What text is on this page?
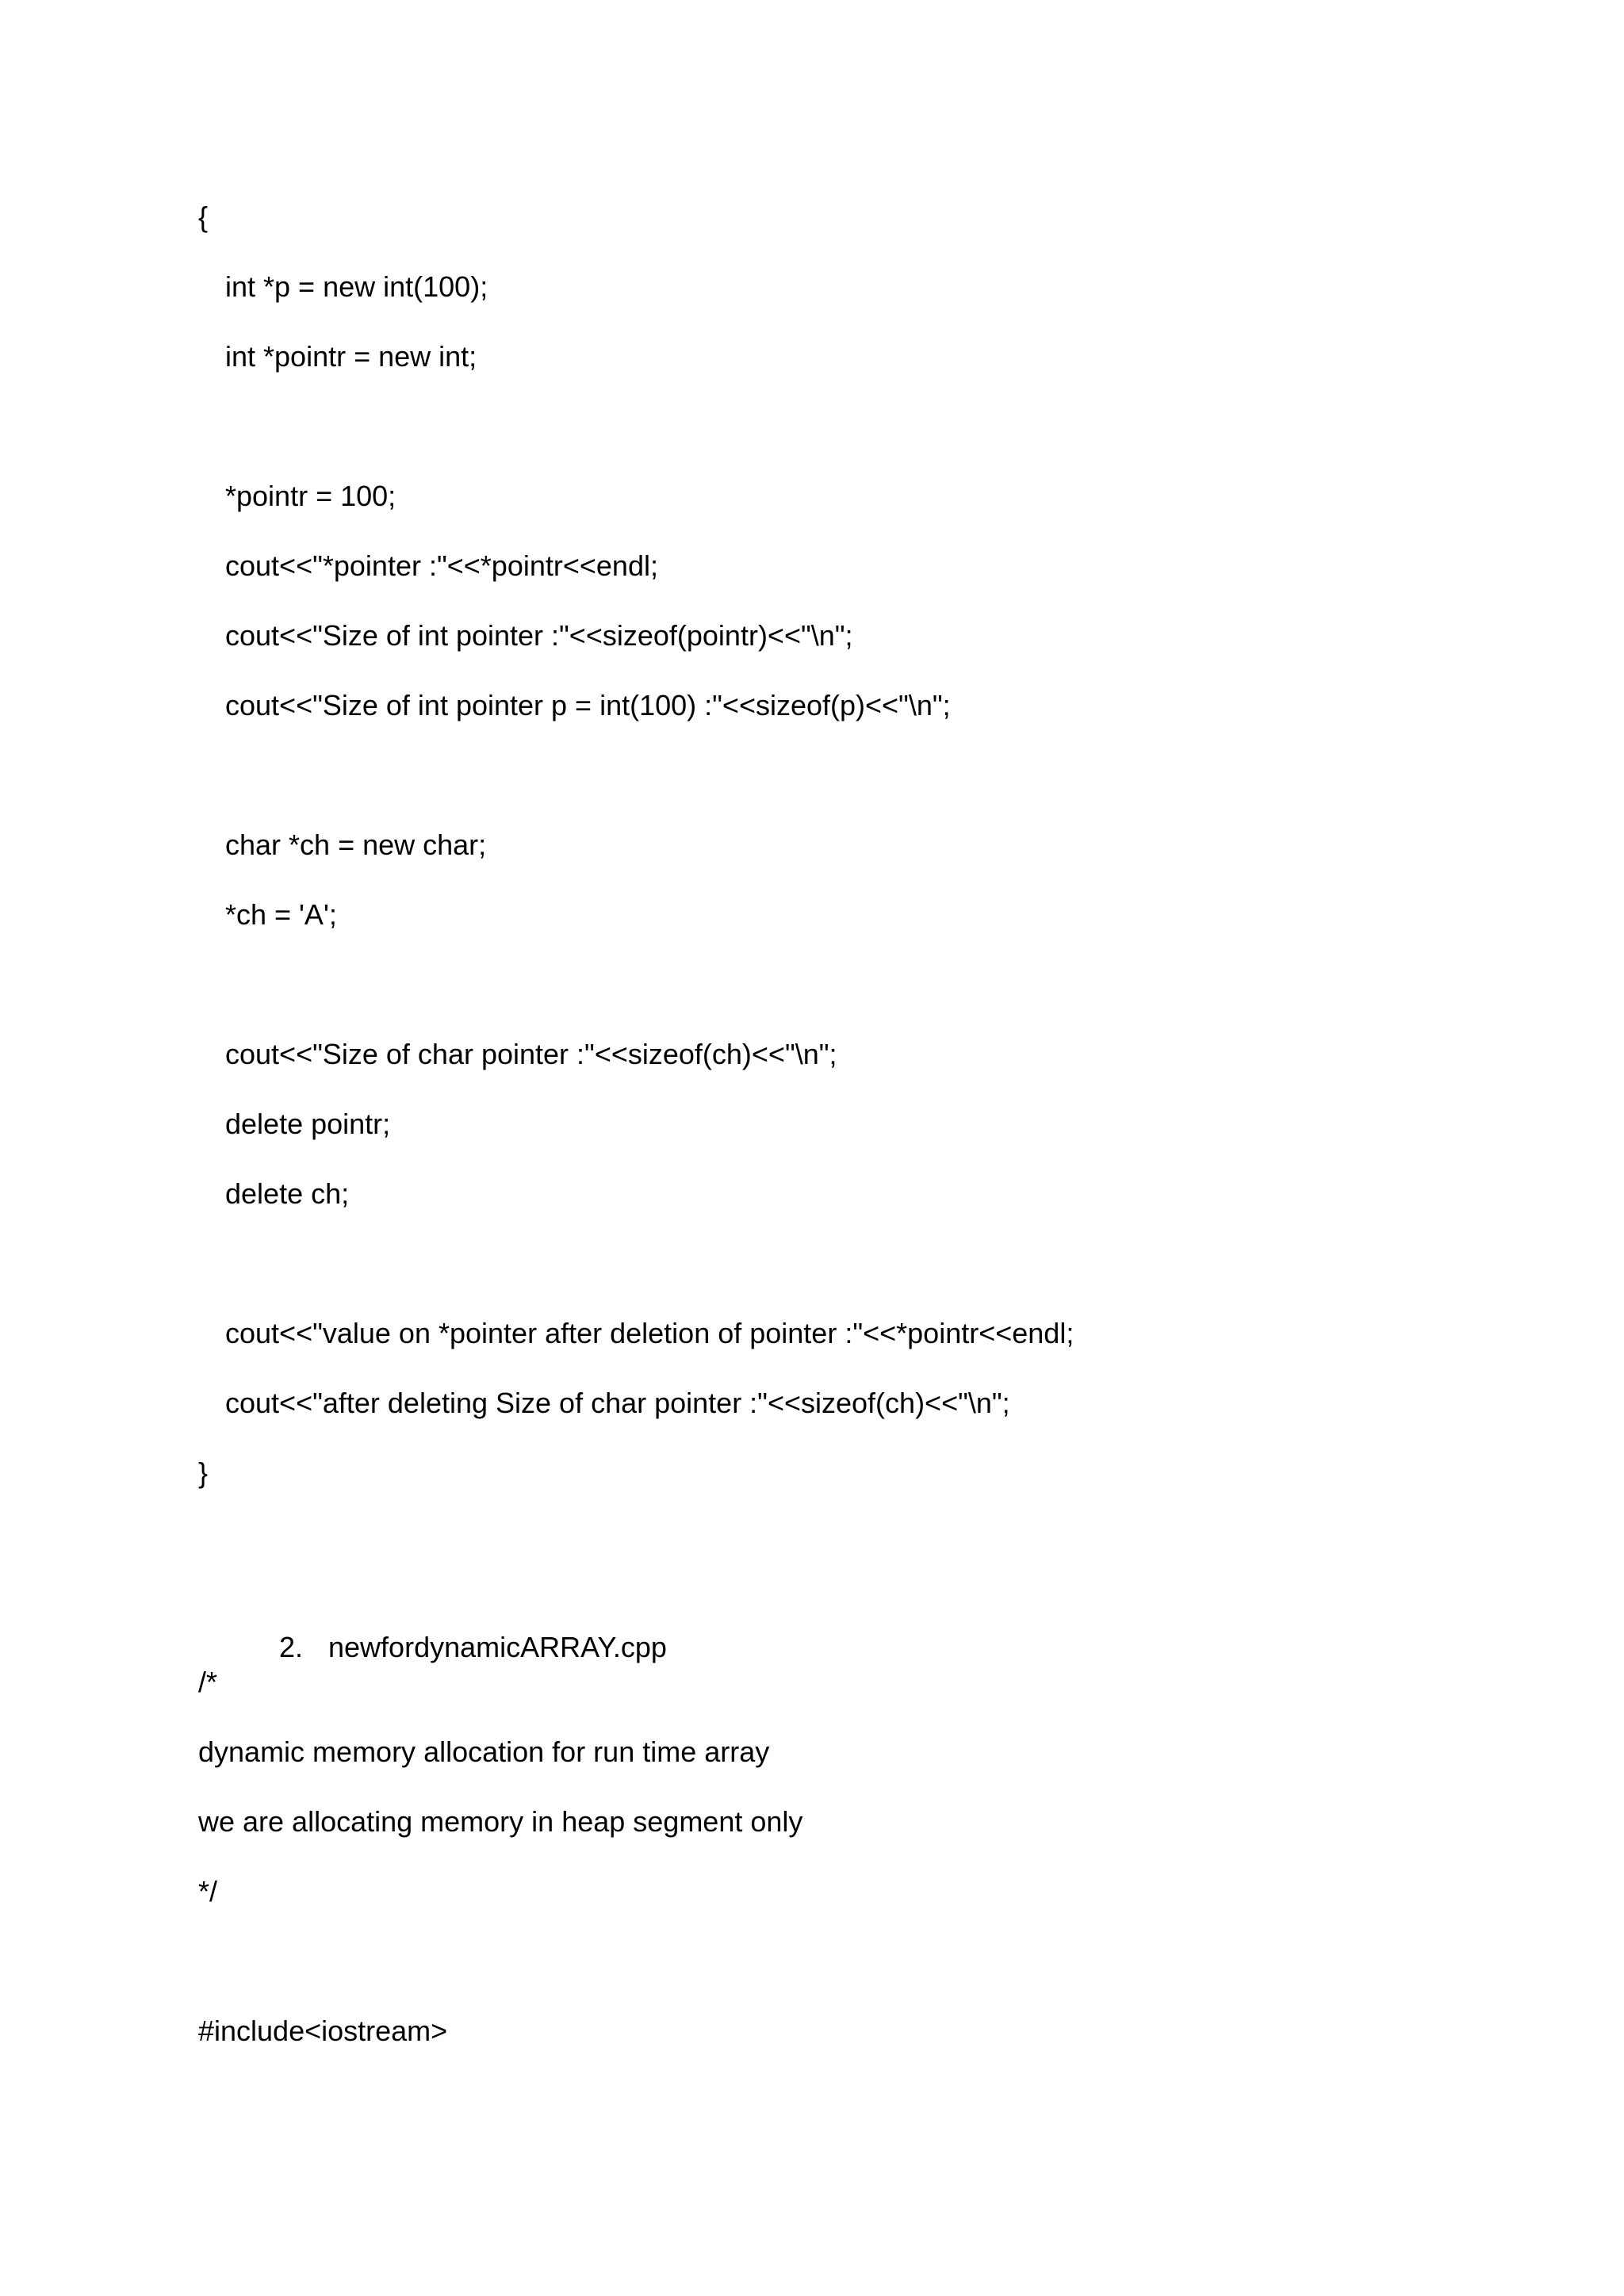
{
int *p = new int(100);
int *pointr = new int;
*pointr = 100;
cout<<"*pointer :"<<*pointr<<endl;
cout<<"Size of int pointer :"<<sizeof(pointr)<<"\n";
cout<<"Size of int pointer p = int(100) :"<<sizeof(p)<<"\n";
char *ch = new char;
*ch = 'A';
cout<<"Size of char pointer :"<<sizeof(ch)<<"\n";
delete pointr;
delete ch;
cout<<"value on *pointer after deletion of pointer :"<<*pointr<<endl;
cout<<"after deleting Size of char pointer :"<<sizeof(ch)<<"\n";
}

2. newfordynamicARRAY.cpp

/*
dynamic memory allocation for run time array
we are allocating memory in heap segment only
*/
#include<iostream>
